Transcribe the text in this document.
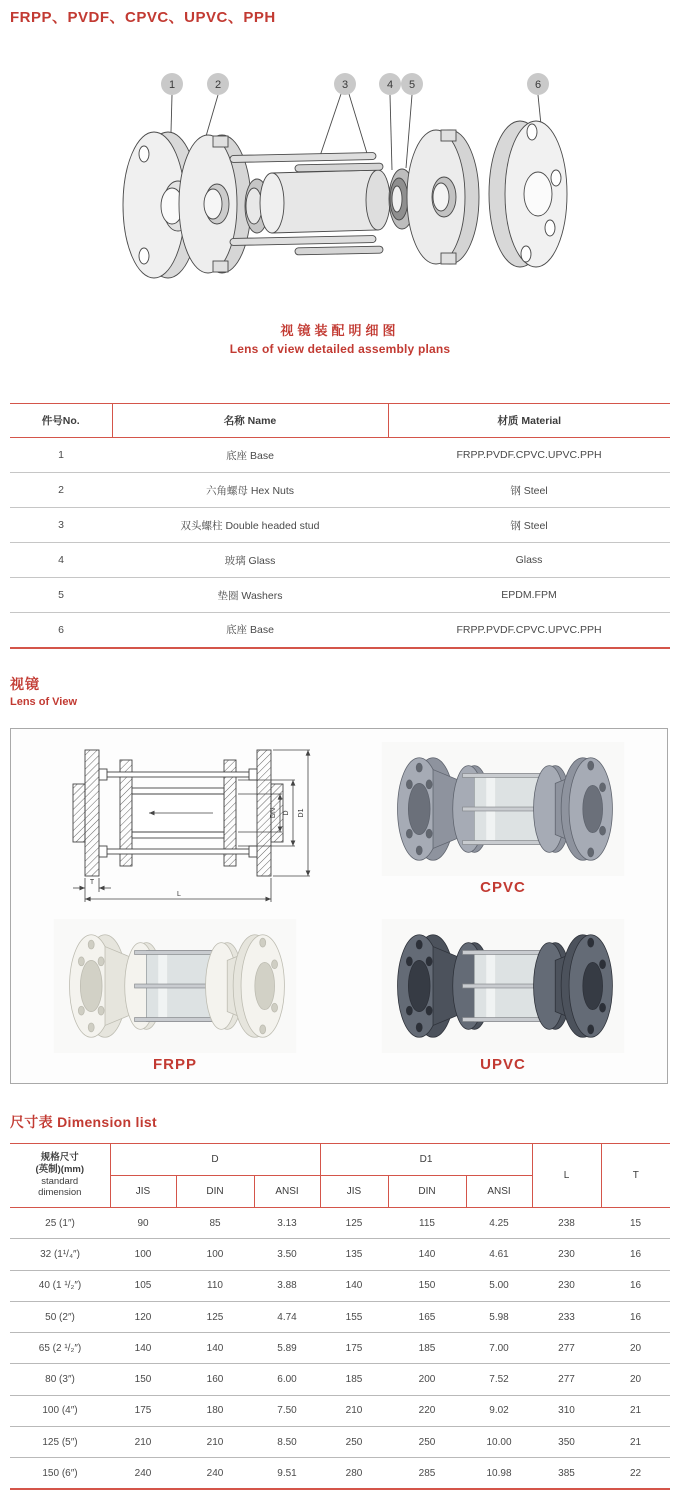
FRPP、PVDF、CPVC、UPVC、PPH
1	2	3	4 5	6
视镜装配明细图
Lens of view detailed assembly plans
件号No.	名称 Name	材质 Material
1	底座 Base	FRPP.PVDF.CPVC.UPVC.PPH
2	六角螺母 Hex Nuts	钢 Steel
3	双头螺柱 Double headed stud	钢 Steel
4	玻璃 Glass	Glass
5	垫圈 Washers	EPDM.FPM
6	底座 Base	FRPP.PVDF.CPVC.UPVC.PPH
视镜
Lens of View
DN D D1
T
L	CPVC
FRPP	UPVC
尺寸表 Dimension list
规格尺寸
(英制)(mm)
standard
dimension	D			D1			L	T
	JIS	DIN	ANSI	JIS	DIN	ANSI		
25 (1″)	90	85	3.13	125	115	4.25	238	15
32 (1¹/₄″)	100	100	3.50	135	140	4.61	230	16
40 (1 ¹/₂″)	105	110	3.88	140	150	5.00	230	16
50 (2″)	120	125	4.74	155	165	5.98	233	16
65 (2 ¹/₂″)	140	140	5.89	175	185	7.00	277	20
80 (3″)	150	160	6.00	185	200	7.52	277	20
100 (4″)	175	180	7.50	210	220	9.02	310	21
125 (5″)	210	210	8.50	250	250	10.00	350	21
150 (6″)	240	240	9.51	280	285	10.98	385	22
